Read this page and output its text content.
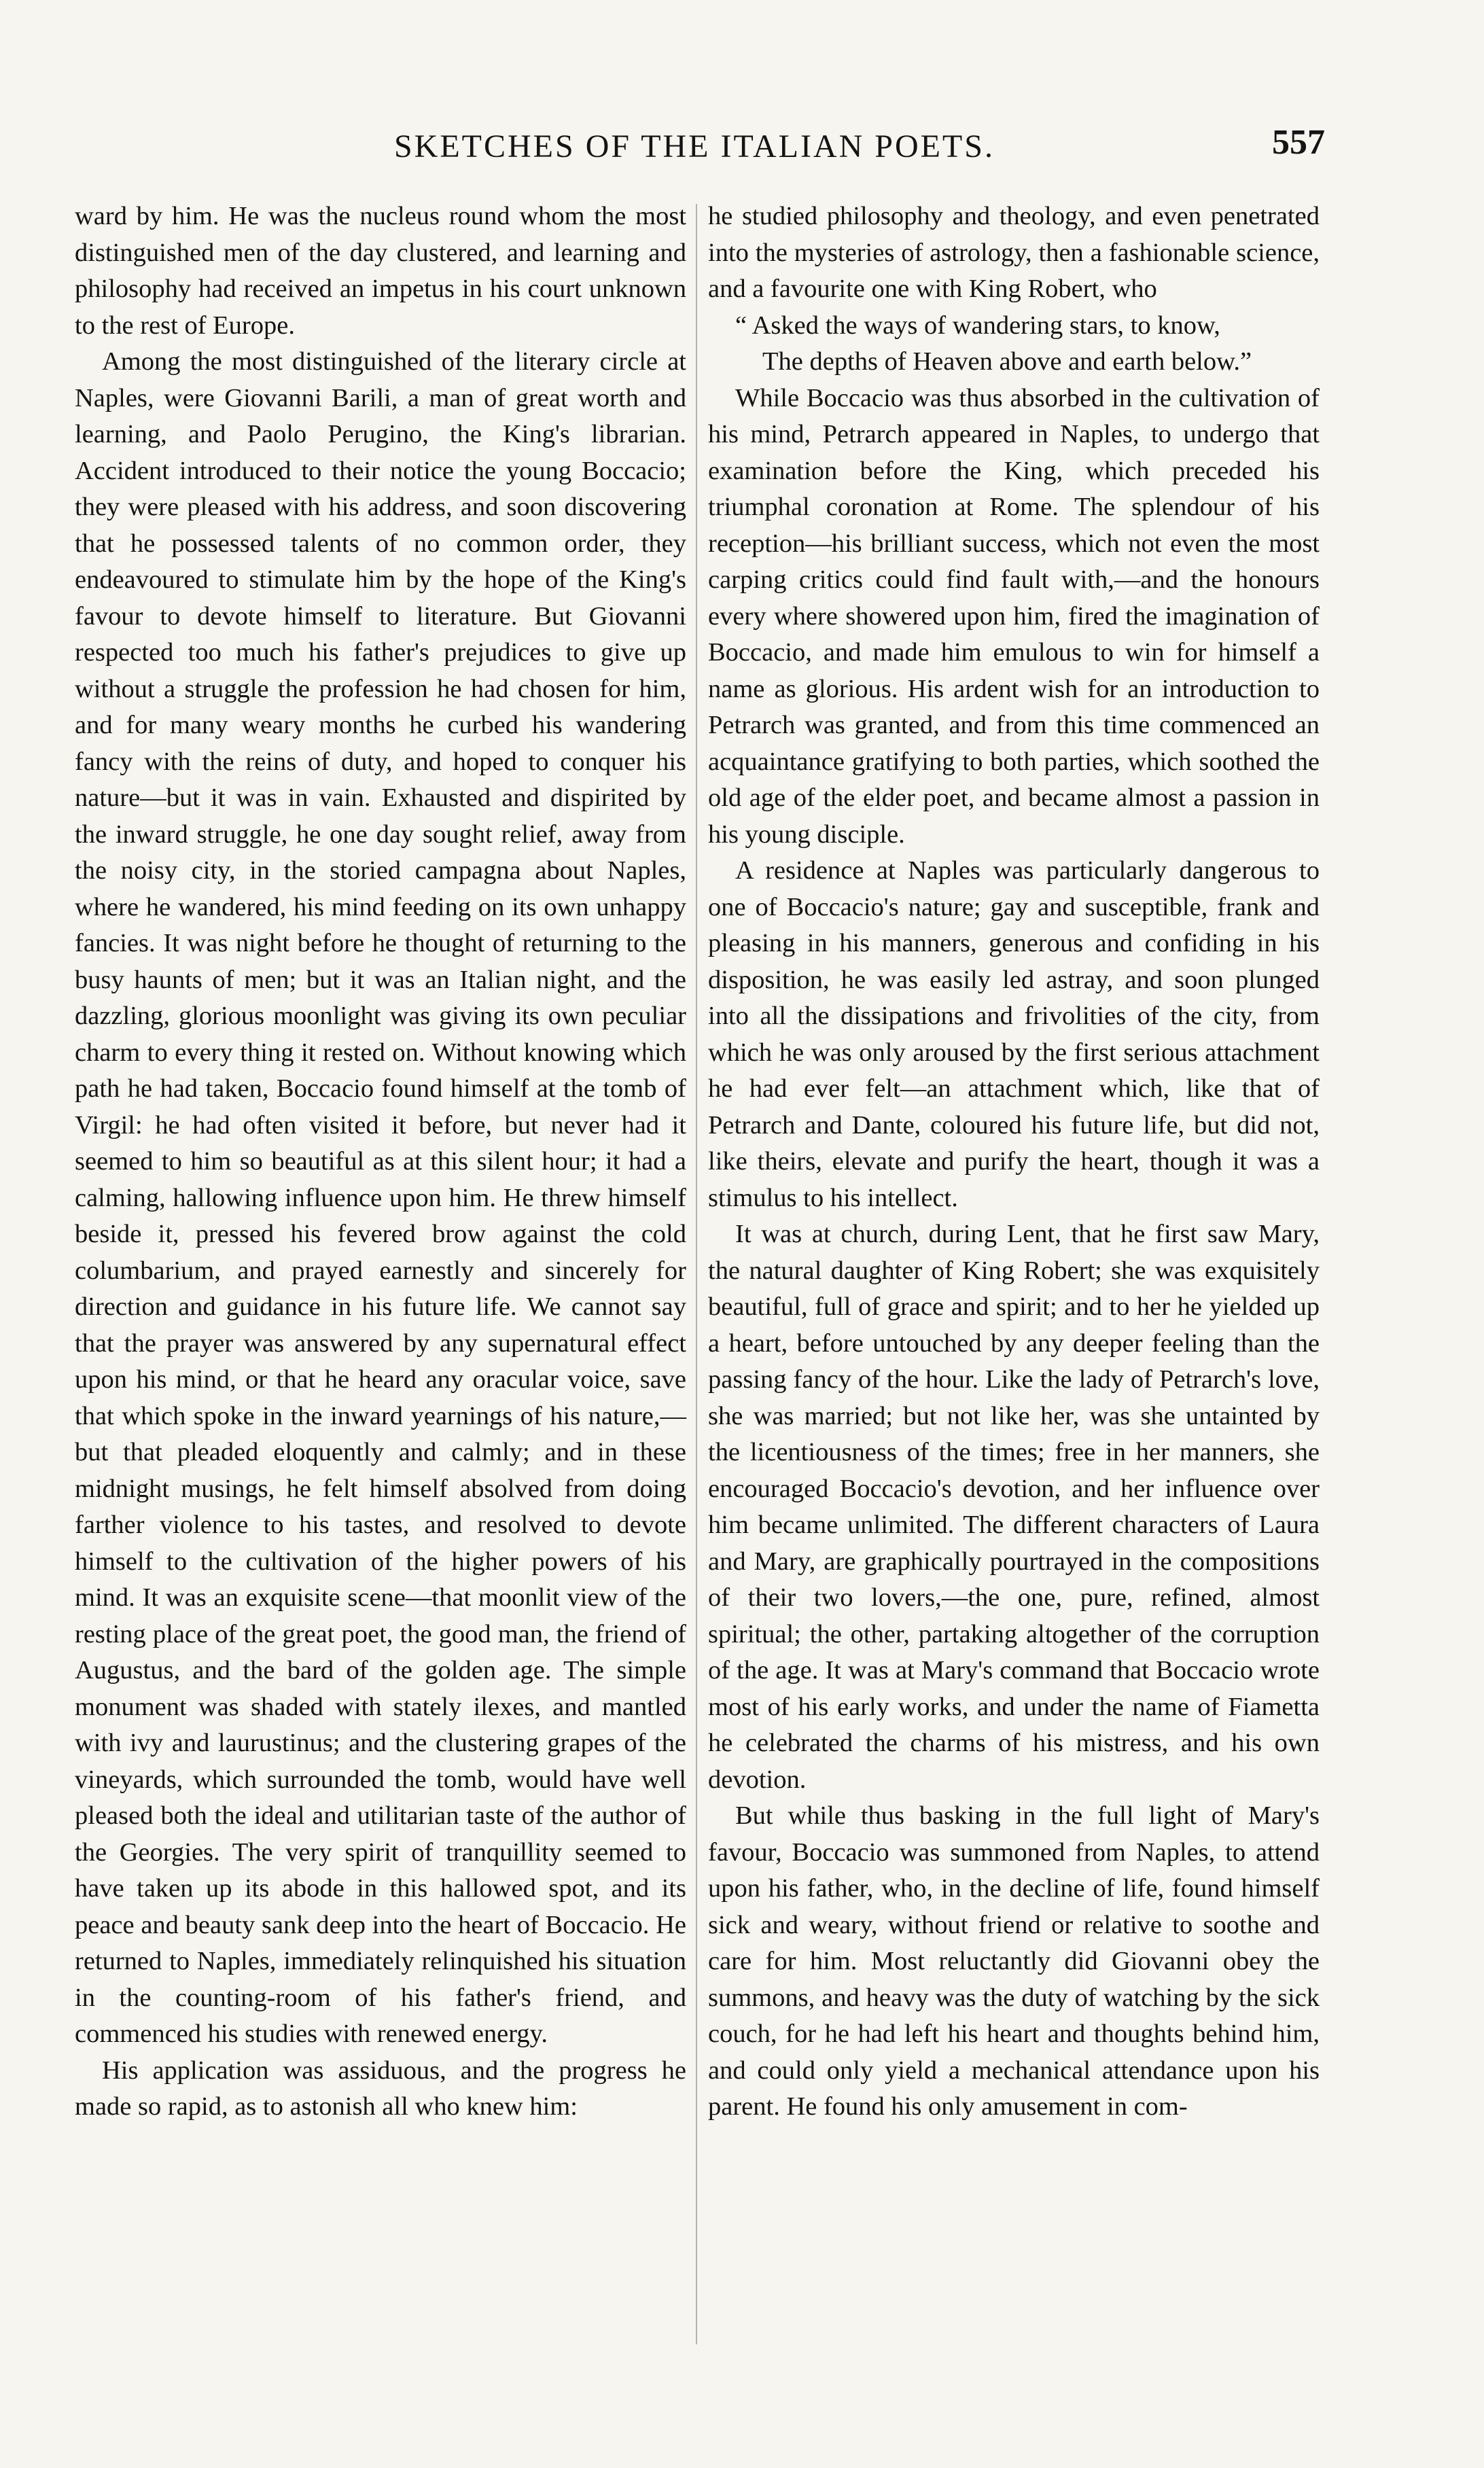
SKETCHES OF THE ITALIAN POETS.	557

ward by him. He was the nucleus round whom the most distinguished men of the day clustered, and learning and philosophy had received an impetus in his court unknown to the rest of Europe.

Among the most distinguished of the literary circle at Naples, were Giovanni Barili, a man of great worth and learning, and Paolo Perugino, the King's librarian. Accident introduced to their notice the young Boccacio; they were pleased with his address, and soon discovering that he possessed talents of no common order, they endeavoured to stimulate him by the hope of the King's favour to devote himself to literature. But Giovanni respected too much his father's prejudices to give up without a struggle the profession he had chosen for him, and for many weary months he curbed his wandering fancy with the reins of duty, and hoped to conquer his nature—but it was in vain. Exhausted and dispirited by the inward struggle, he one day sought relief, away from the noisy city, in the storied campagna about Naples, where he wandered, his mind feeding on its own unhappy fancies. It was night before he thought of returning to the busy haunts of men; but it was an Italian night, and the dazzling, glorious moonlight was giving its own peculiar charm to every thing it rested on. Without knowing which path he had taken, Boccacio found himself at the tomb of Virgil: he had often visited it before, but never had it seemed to him so beautiful as at this silent hour; it had a calming, hallowing influence upon him. He threw himself beside it, pressed his fevered brow against the cold columbarium, and prayed earnestly and sincerely for direction and guidance in his future life. We cannot say that the prayer was answered by any supernatural effect upon his mind, or that he heard any oracular voice, save that which spoke in the inward yearnings of his nature,—but that pleaded eloquently and calmly; and in these midnight musings, he felt himself absolved from doing farther violence to his tastes, and resolved to devote himself to the cultivation of the higher powers of his mind. It was an exquisite scene—that moonlit view of the resting place of the great poet, the good man, the friend of Augustus, and the bard of the golden age. The simple monument was shaded with stately ilexes, and mantled with ivy and laurustinus; and the clustering grapes of the vineyards, which surrounded the tomb, would have well pleased both the ideal and utilitarian taste of the author of the Georgies. The very spirit of tranquillity seemed to have taken up its abode in this hallowed spot, and its peace and beauty sank deep into the heart of Boccacio. He returned to Naples, immediately relinquished his situation in the counting-room of his father's friend, and commenced his studies with renewed energy.

His application was assiduous, and the progress he made so rapid, as to astonish all who knew him:

he studied philosophy and theology, and even penetrated into the mysteries of astrology, then a fashionable science, and a favourite one with King Robert, who

“ Asked the ways of wandering stars, to know,

The depths of Heaven above and earth below.”

While Boccacio was thus absorbed in the cultivation of his mind, Petrarch appeared in Naples, to undergo that examination before the King, which preceded his triumphal coronation at Rome. The splendour of his reception—his brilliant success, which not even the most carping critics could find fault with,—and the honours every where showered upon him, fired the imagination of Boccacio, and made him emulous to win for himself a name as glorious. His ardent wish for an introduction to Petrarch was granted, and from this time commenced an acquaintance gratifying to both parties, which soothed the old age of the elder poet, and became almost a passion in his young disciple.

A residence at Naples was particularly dangerous to one of Boccacio's nature; gay and susceptible, frank and pleasing in his manners, generous and confiding in his disposition, he was easily led astray, and soon plunged into all the dissipations and frivolities of the city, from which he was only aroused by the first serious attachment he had ever felt—an attachment which, like that of Petrarch and Dante, coloured his future life, but did not, like theirs, elevate and purify the heart, though it was a stimulus to his intellect.

It was at church, during Lent, that he first saw Mary, the natural daughter of King Robert; she was exquisitely beautiful, full of grace and spirit; and to her he yielded up a heart, before untouched by any deeper feeling than the passing fancy of the hour. Like the lady of Petrarch's love, she was married; but not like her, was she untainted by the licentiousness of the times; free in her manners, she encouraged Boccacio's devotion, and her influence over him became unlimited. The different characters of Laura and Mary, are graphically pourtrayed in the compositions of their two lovers,—the one, pure, refined, almost spiritual; the other, partaking altogether of the corruption of the age. It was at Mary's command that Boccacio wrote most of his early works, and under the name of Fiametta he celebrated the charms of his mistress, and his own devotion.

But while thus basking in the full light of Mary's favour, Boccacio was summoned from Naples, to attend upon his father, who, in the decline of life, found himself sick and weary, without friend or relative to soothe and care for him. Most reluctantly did Giovanni obey the summons, and heavy was the duty of watching by the sick couch, for he had left his heart and thoughts behind him, and could only yield a mechanical attendance upon his parent. He found his only amusement in com-
